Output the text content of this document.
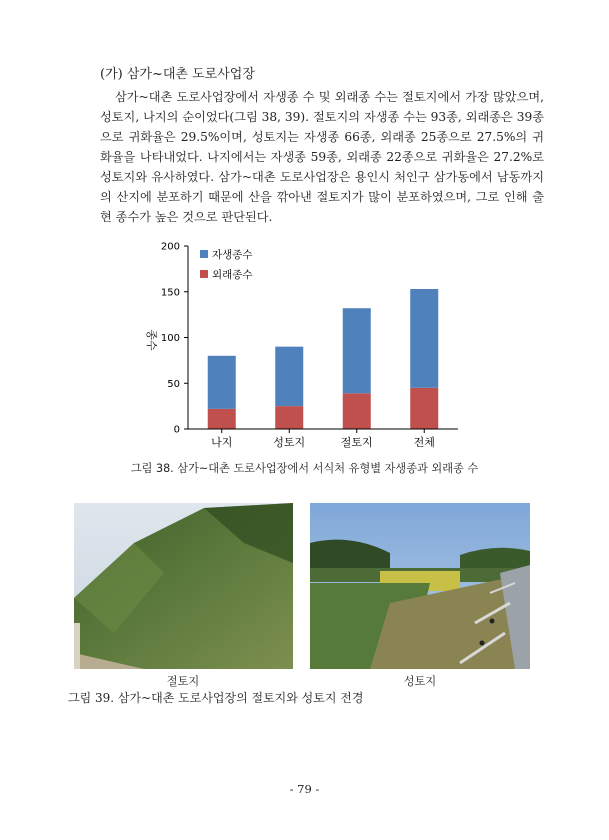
(가) 삼가~대촌 도로사업장
삼가~대촌 도로사업장에서 자생종 수 및 외래종 수는 절토지에서 가장 많았으며, 성토지, 나지의 순이었다(그림 38, 39). 절토지의 자생종 수는 93종, 외래종은 39종으로 귀화율은 29.5%이며, 성토지는 자생종 66종, 외래종 25종으로 27.5%의 귀화율을 나타내었다. 나지에서는 자생종 59종, 외래종 22종으로 귀화율은 27.2%로 성토지와 유사하였다. 삼가~대촌 도로사업장은 용인시 처인구 삼가동에서 남동까지의 산지에 분포하기 때문에 산을 깎아낸 절토지가 많이 분포하였으며, 그로 인해 출현 종수가 높은 것으로 판단된다.
0
50
100
150
200
나지	성토지	절토지	전체
자생종수
외래종수
종수
그림 38. 삼가~대촌 도로사업장에서 서식처 유형별 자생종과 외래종 수
절토지	성토지
그림 39. 삼가~대촌 도로사업장의 절토지와 성토지 전경
- 79 -
